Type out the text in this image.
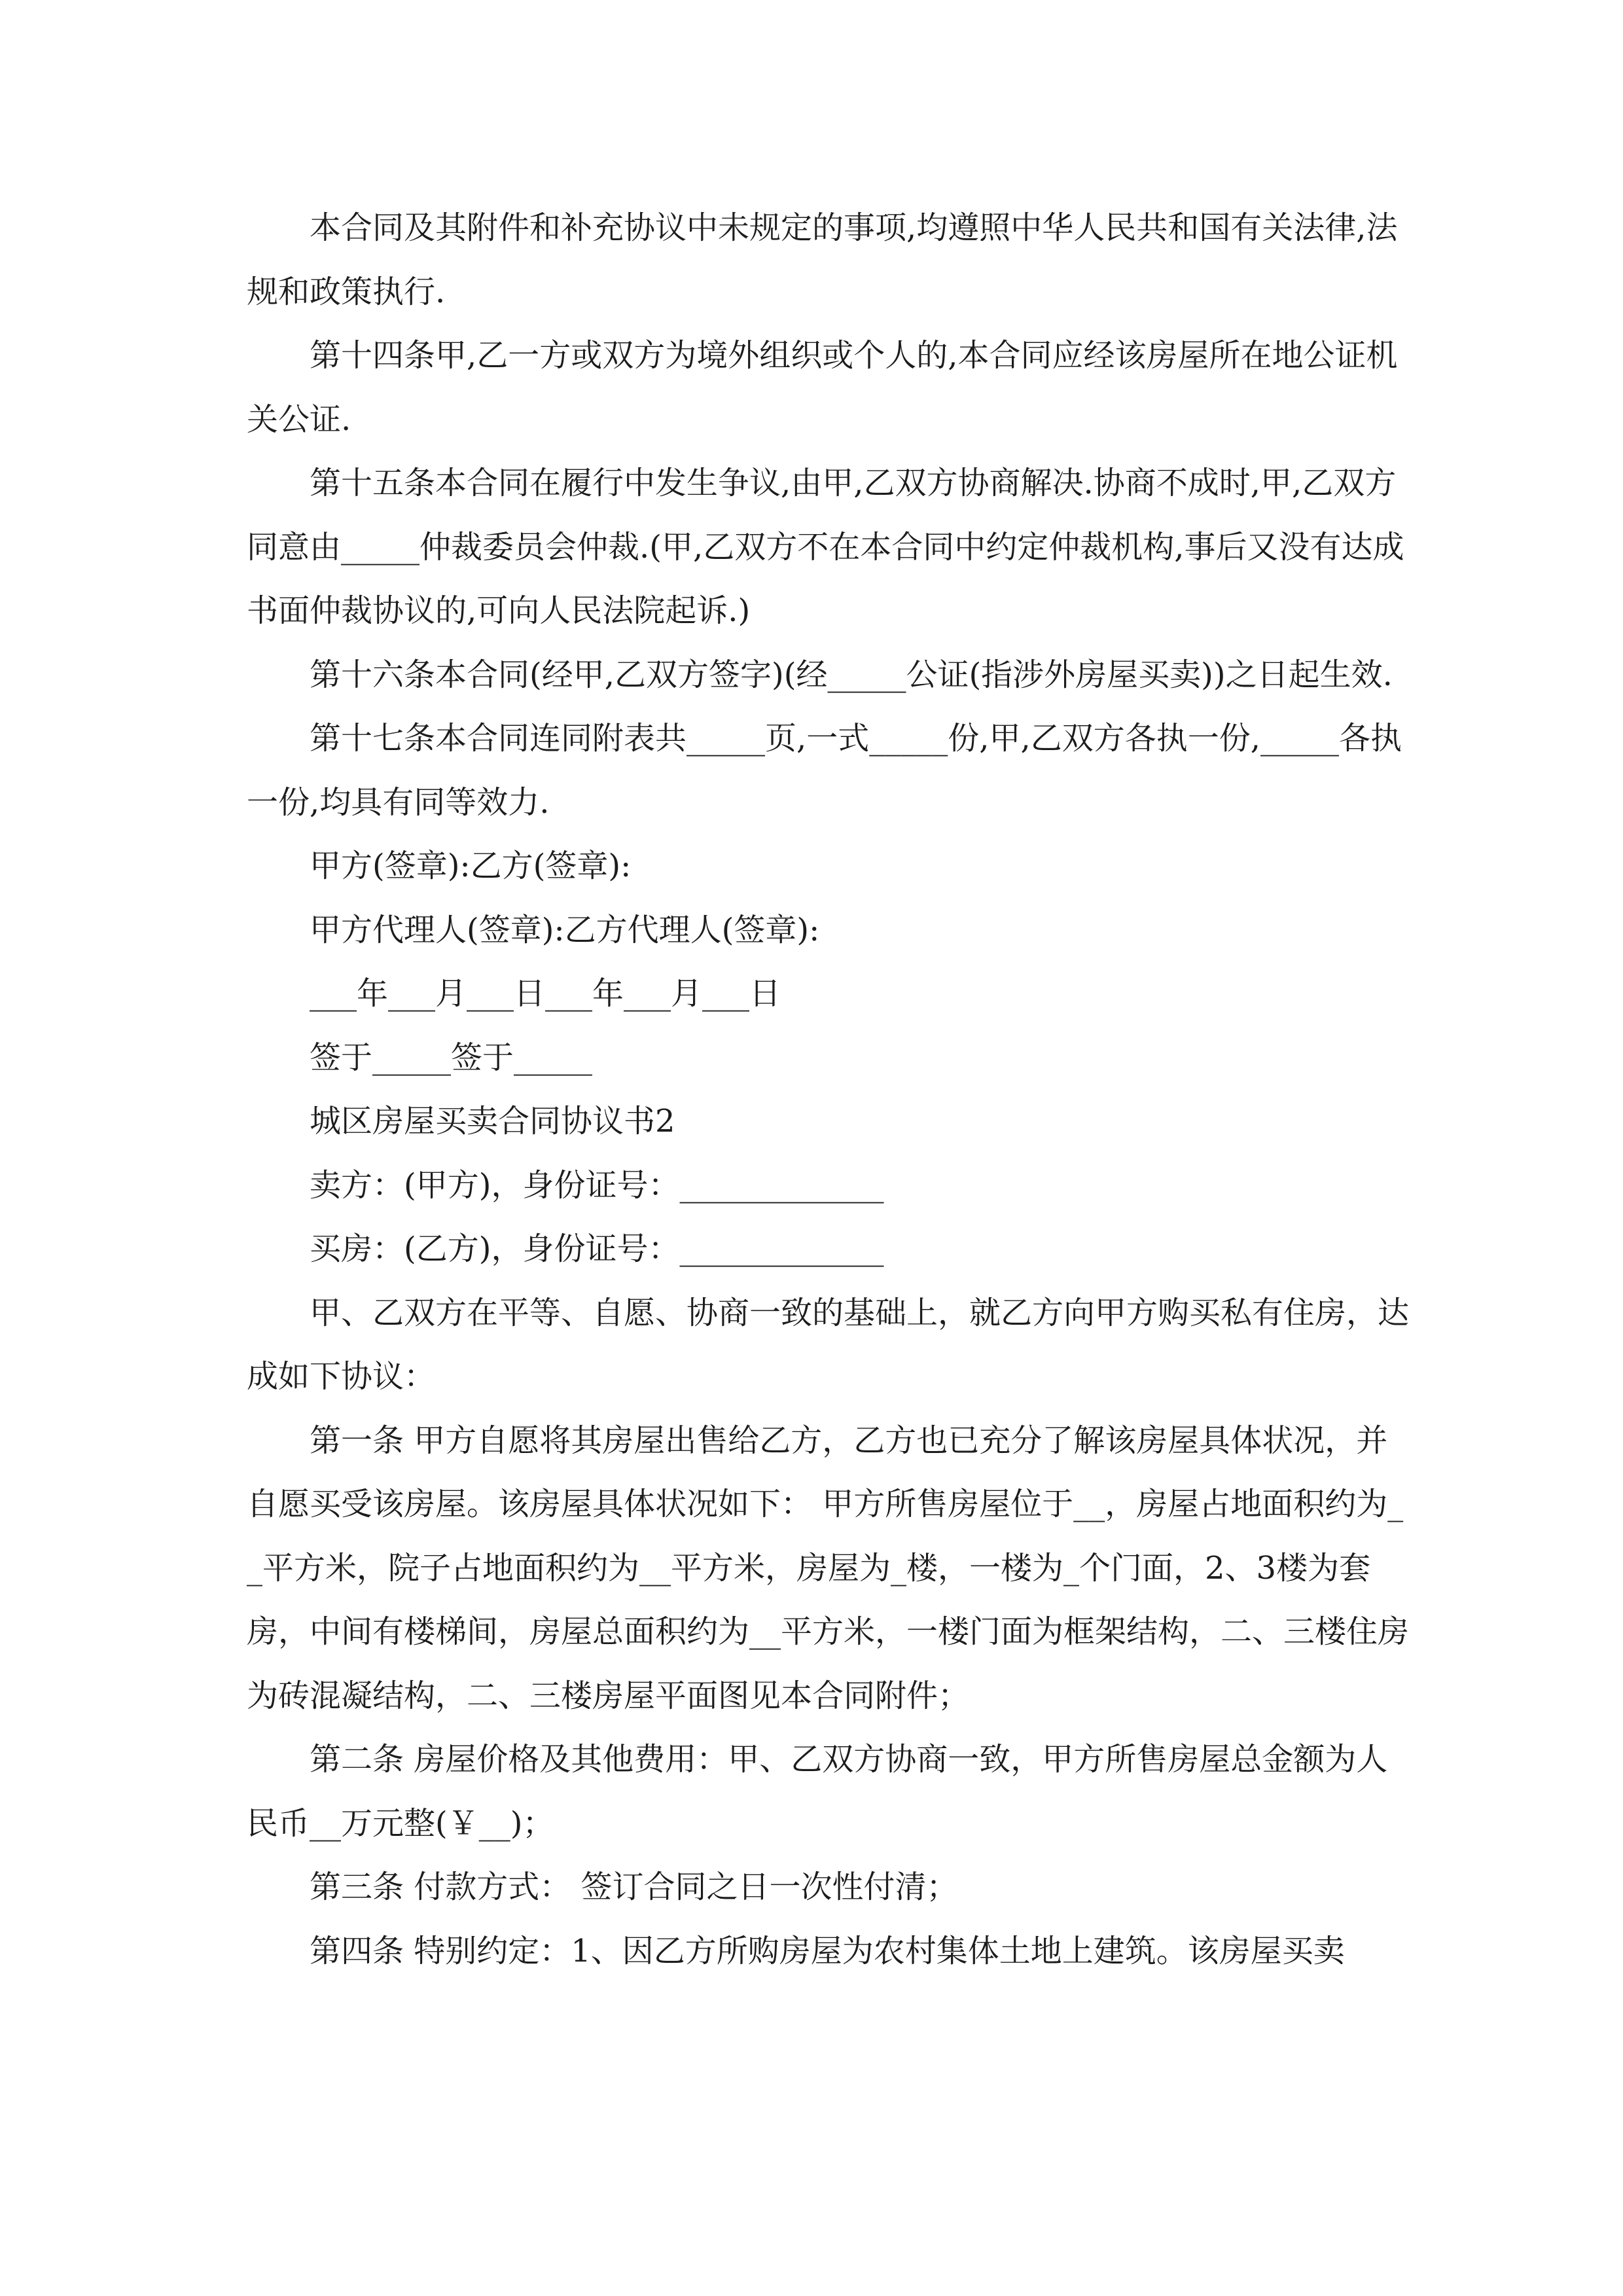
本合同及其附件和补充协议中未规定的事项,均遵照中华人民共和国有关法律,法规和政策执行.

第十四条甲,乙一方或双方为境外组织或个人的,本合同应经该房屋所在地公证机关公证.

第十五条本合同在履行中发生争议,由甲,乙双方协商解决.协商不成时,甲,乙双方同意由_____仲裁委员会仲裁.(甲,乙双方不在本合同中约定仲裁机构,事后又没有达成书面仲裁协议的,可向人民法院起诉.)

第十六条本合同(经甲,乙双方签字)(经_____公证(指涉外房屋买卖))之日起生效.

第十七条本合同连同附表共_____页,一式_____份,甲,乙双方各执一份,_____各执一份,均具有同等效力.

甲方(签章):乙方(签章):

甲方代理人(签章):乙方代理人(签章):

___年___月___日___年___月___日

签于_____签于_____

城区房屋买卖合同协议书2

卖方：(甲方)，身份证号：_____________

买房：(乙方)，身份证号：_____________

甲、乙双方在平等、自愿、协商一致的基础上，就乙方向甲方购买私有住房，达成如下协议：

第一条 甲方自愿将其房屋出售给乙方，乙方也已充分了解该房屋具体状况，并自愿买受该房屋。该房屋具体状况如下： 甲方所售房屋位于__，房屋占地面积约为__平方米，院子占地面积约为__平方米，房屋为_楼，一楼为_个门面，2、3楼为套房，中间有楼梯间，房屋总面积约为__平方米，一楼门面为框架结构，二、三楼住房为砖混凝结构，二、三楼房屋平面图见本合同附件；

第二条 房屋价格及其他费用：甲、乙双方协商一致，甲方所售房屋总金额为人民币__万元整(￥__)；

第三条 付款方式： 签订合同之日一次性付清；

第四条 特别约定：1、因乙方所购房屋为农村集体土地上建筑。该房屋买卖
